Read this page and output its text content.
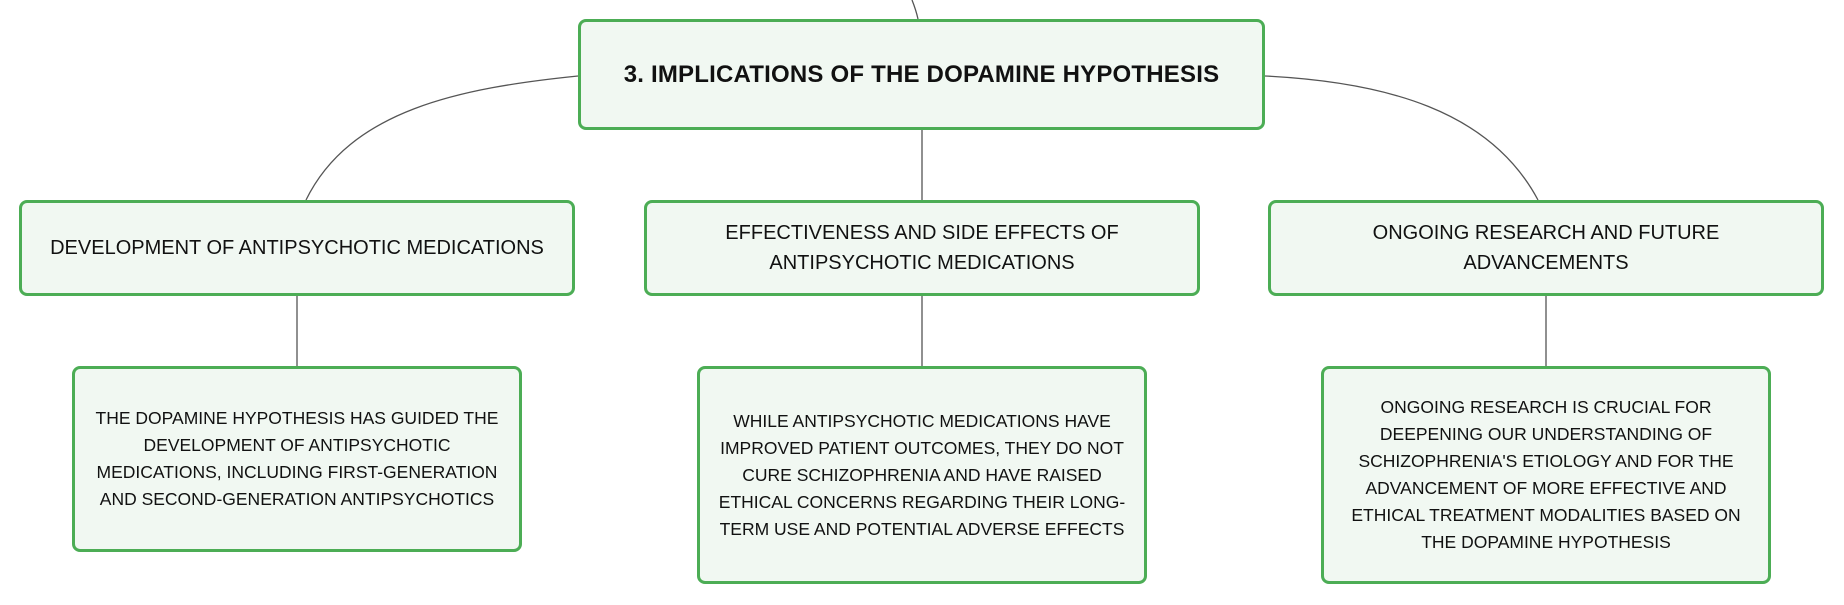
3. IMPLICATIONS OF THE DOPAMINE HYPOTHESIS
DEVELOPMENT OF ANTIPSYCHOTIC MEDICATIONS
EFFECTIVENESS AND SIDE EFFECTS OF ANTIPSYCHOTIC MEDICATIONS
ONGOING RESEARCH AND FUTURE ADVANCEMENTS
THE DOPAMINE HYPOTHESIS HAS GUIDED THE DEVELOPMENT OF ANTIPSYCHOTIC MEDICATIONS, INCLUDING FIRST-GENERATION AND SECOND-GENERATION ANTIPSYCHOTICS
WHILE ANTIPSYCHOTIC MEDICATIONS HAVE IMPROVED PATIENT OUTCOMES, THEY DO NOT CURE SCHIZOPHRENIA AND HAVE RAISED ETHICAL CONCERNS REGARDING THEIR LONG-TERM USE AND POTENTIAL ADVERSE EFFECTS
ONGOING RESEARCH IS CRUCIAL FOR DEEPENING OUR UNDERSTANDING OF SCHIZOPHRENIA'S ETIOLOGY AND FOR THE ADVANCEMENT OF MORE EFFECTIVE AND ETHICAL TREATMENT MODALITIES BASED ON THE DOPAMINE HYPOTHESIS
